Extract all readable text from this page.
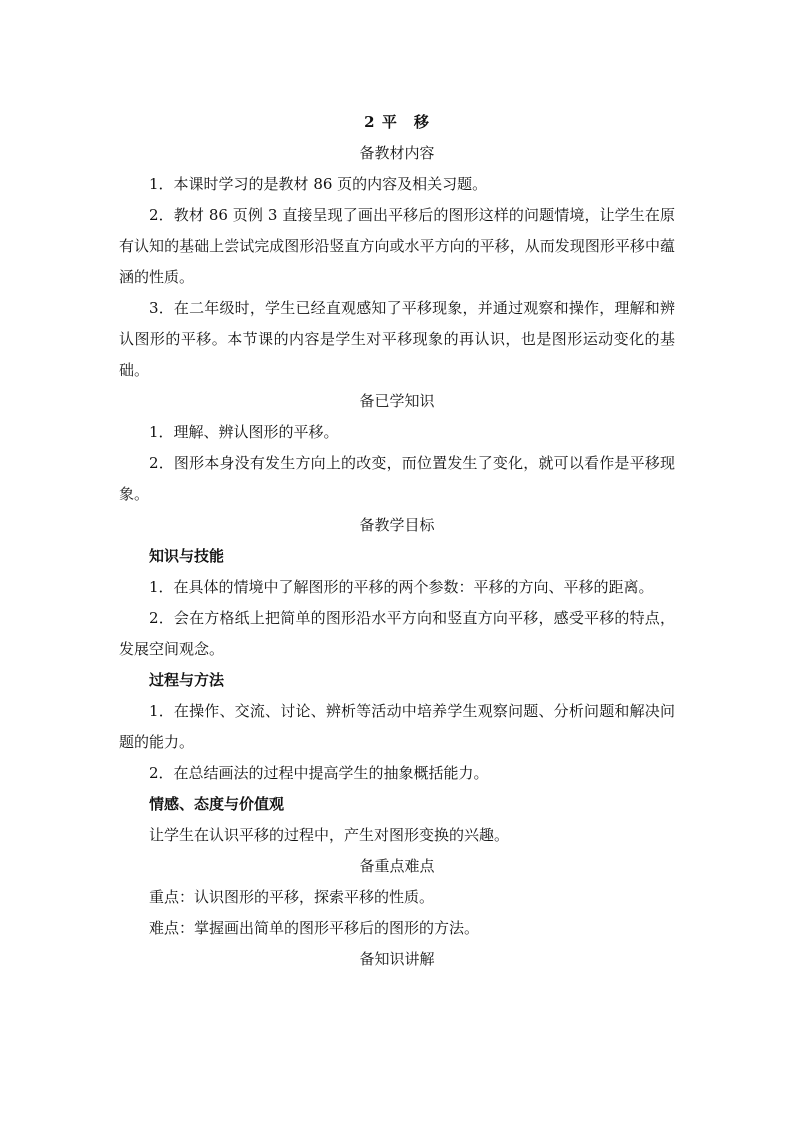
2 平　移
备教材内容
1．本课时学习的是教材 86 页的内容及相关习题。
2．教材 86 页例 3 直接呈现了画出平移后的图形这样的问题情境，让学生在原有认知的基础上尝试完成图形沿竖直方向或水平方向的平移，从而发现图形平移中蕴涵的性质。
3．在二年级时，学生已经直观感知了平移现象，并通过观察和操作，理解和辨认图形的平移。本节课的内容是学生对平移现象的再认识，也是图形运动变化的基础。
备已学知识
1．理解、辨认图形的平移。
2．图形本身没有发生方向上的改变，而位置发生了变化，就可以看作是平移现象。
备教学目标
知识与技能
1．在具体的情境中了解图形的平移的两个参数：平移的方向、平移的距离。
2．会在方格纸上把简单的图形沿水平方向和竖直方向平移，感受平移的特点，发展空间观念。
过程与方法
1．在操作、交流、讨论、辨析等活动中培养学生观察问题、分析问题和解决问题的能力。
2．在总结画法的过程中提高学生的抽象概括能力。
情感、态度与价值观
让学生在认识平移的过程中，产生对图形变换的兴趣。
备重点难点
重点：认识图形的平移，探索平移的性质。
难点：掌握画出简单的图形平移后的图形的方法。
备知识讲解
